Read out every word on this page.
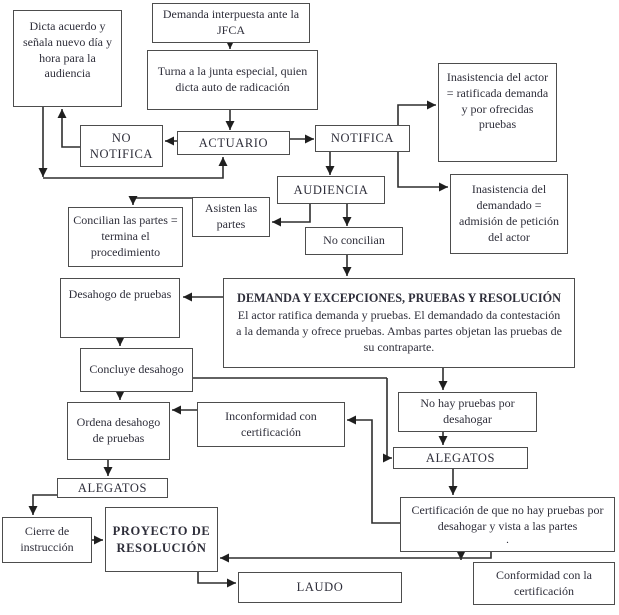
Dicta acuerdo y señala nuevo día y hora para la audiencia
Demanda interpuesta ante la JFCA
Turna a la junta especial, quien dicta auto de radicación
NO NOTIFICA
ACTUARIO	NOTIFICA
Inasistencia del actor = ratificada demanda y por ofrecidas pruebas
Inasistencia del demandado = admisión de petición del actor
AUDIENCIA
Asisten las partes
Concilian las partes = termina el procedimiento
No concilian
DEMANDA Y EXCEPCIONES, PRUEBAS Y RESOLUCIÓN
El actor ratifica demanda y pruebas. El demandado da contestación a la demanda y ofrece pruebas. Ambas partes objetan las pruebas de su contraparte.
Desahogo de pruebas
Concluye desahogo
Ordena desahogo de pruebas
Inconformidad con certificación
No hay pruebas por desahogar
ALEGATOS
Certificación de que no hay pruebas por desahogar y vista a las partes
.
Conformidad con la certificación
ALEGATOS
Cierre de instrucción
PROYECTO DE RESOLUCIÓN
LAUDO
